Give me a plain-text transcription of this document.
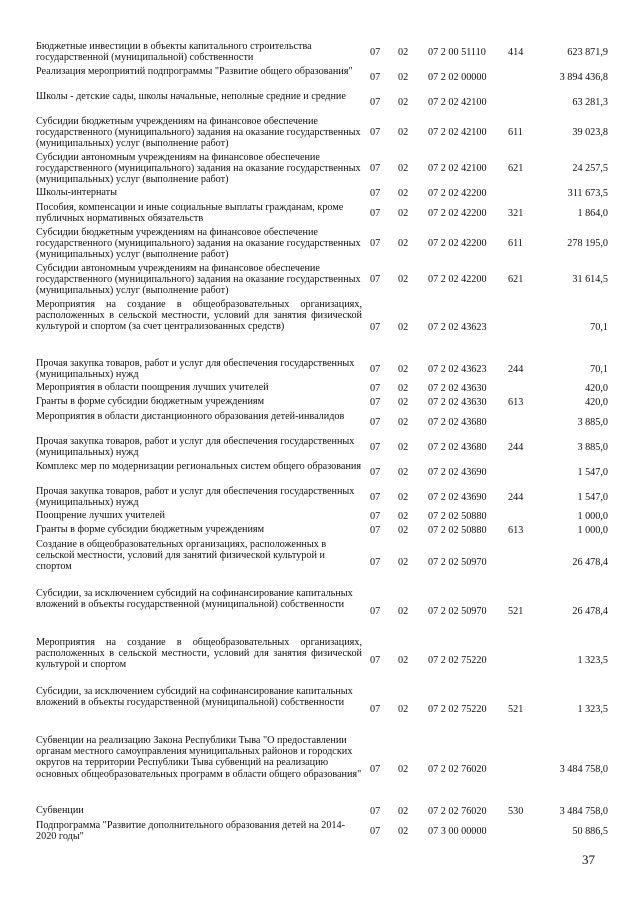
Бюджетные инвестиции в объекты капитального строительства государственной (муниципальной) собственности	07	02	07 2 00 51110	414	623 871,9
Реализация мероприятий подпрограммы "Развитие общего образования"	07	02	07 2 02 00000		3 894 436,8
Школы - детские сады, школы начальные, неполные средние и средние	07	02	07 2 02 42100		63 281,3
Субсидии бюджетным учреждениям на финансовое обеспечение государственного (муниципального) задания на оказание государственных (муниципальных) услуг (выполнение работ)	07	02	07 2 02 42100	611	39 023,8
Субсидии автономным учреждениям на финансовое обеспечение государственного (муниципального) задания на оказание государственных (муниципальных) услуг (выполнение работ)	07	02	07 2 02 42100	621	24 257,5
Школы-интернаты	07	02	07 2 02 42200		311 673,5
Пособия, компенсации и иные социальные выплаты гражданам, кроме публичных нормативных обязательств	07	02	07 2 02 42200	321	1 864,0
Субсидии бюджетным учреждениям на финансовое обеспечение государственного (муниципального) задания на оказание государственных (муниципальных) услуг (выполнение работ)	07	02	07 2 02 42200	611	278 195,0
Субсидии автономным учреждениям на финансовое обеспечение государственного (муниципального) задания на оказание государственных (муниципальных) услуг (выполнение работ)	07	02	07 2 02 42200	621	31 614,5
Мероприятия на создание в общеобразовательных организациях, расположенных в сельской местности, условий для занятия физической культурой и спортом (за счет централизованных средств)	07	02	07 2 02 43623		70,1
Прочая закупка товаров, работ и услуг для обеспечения государственных (муниципальных) нужд	07	02	07 2 02 43623	244	70,1
Мероприятия в области поощрения лучших учителей	07	02	07 2 02 43630		420,0
Гранты в форме субсидии бюджетным учреждениям	07	02	07 2 02 43630	613	420,0
Мероприятия в области дистанционного образования детей-инвалидов	07	02	07 2 02 43680		3 885,0
Прочая закупка товаров, работ и услуг для обеспечения государственных (муниципальных) нужд	07	02	07 2 02 43680	244	3 885,0
Комплекс мер по модернизации региональных систем общего образования	07	02	07 2 02 43690		1 547,0
Прочая закупка товаров, работ и услуг для обеспечения государственных (муниципальных) нужд	07	02	07 2 02 43690	244	1 547,0
Поощрение лучших учителей	07	02	07 2 02 50880		1 000,0
Гранты в форме субсидии бюджетным учреждениям	07	02	07 2 02 50880	613	1 000,0
Создание в общеобразовательных организациях, расположенных в сельской местности, условий для занятий физической культурой и спортом	07	02	07 2 02 50970		26 478,4
Субсидии, за исключением субсидий на софинансирование капитальных вложений в объекты государственной (муниципальной) собственности	07	02	07 2 02 50970	521	26 478,4
Мероприятия на создание в общеобразовательных организациях, расположенных в сельской местности, условий для занятия физической культурой и спортом	07	02	07 2 02 75220		1 323,5
Субсидии, за исключением субсидий на софинансирование капитальных вложений в объекты государственной (муниципальной) собственности	07	02	07 2 02 75220	521	1 323,5
Субвенции на реализацию Закона Республики Тыва "О предоставлении органам местного самоуправления муниципальных районов и городских округов на территории Республики Тыва субвенций на реализацию основных общеобразовательных программ в области общего образования"	07	02	07 2 02 76020		3 484 758,0
Субвенции	07	02	07 2 02 76020	530	3 484 758,0
Подпрограмма "Развитие дополнительного образования детей на 2014-2020 годы"	07	02	07 3 00 00000		50 886,5
37
